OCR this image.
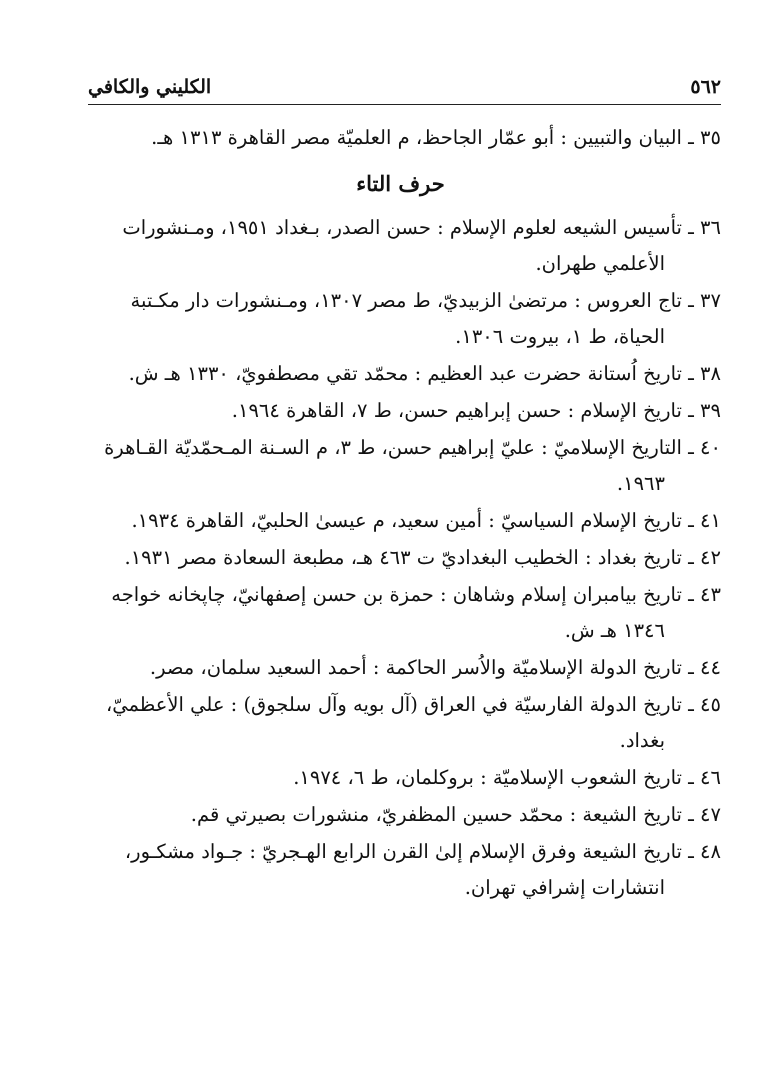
٥٦٢
الكليني والكافي
٣٥ ـ البيان والتبيين : أبو عمّار الجاحظ، م العلميّة مصر القاهرة ١٣١٣ هـ.
حرف التاء
٣٦ ـ تأسيس الشيعه لعلوم الإسلام : حسن الصدر، بـغداد ١٩٥١، ومـنشورات
الأعلمي طهران.
٣٧ ـ تاج العروس : مرتضىٰ الزبيديّ، ط مصر ١٣٠٧، ومـنشورات دار مكـتبة
الحياة، ط ١، بيروت ١٣٠٦.
٣٨ ـ تاريخ اُستانة حضرت عبد العظيم : محمّد تقي مصطفويّ، ١٣٣٠ هـ ش.
٣٩ ـ تاريخ الإسلام : حسن إبراهيم حسن، ط ٧، القاهرة ١٩٦٤.
٤٠ ـ التاريخ الإسلاميّ : عليّ إبراهيم حسن، ط ٣، م السـنة المـحمّديّة القـاهرة
١٩٦٣.
٤١ ـ تاريخ الإسلام السياسيّ : أمين سعيد، م عيسىٰ الحلبيّ، القاهرة ١٩٣٤.
٤٢ ـ تاريخ بغداد : الخطيب البغداديّ ت ٤٦٣ هـ، مطبعة السعادة مصر ١٩٣١.
٤٣ ـ تاريخ بيامبران إسلام وشاهان : حمزة بن حسن إصفهانيّ، چاپخانه خواجه
١٣٤٦ هـ ش.
٤٤ ـ تاريخ الدولة الإسلاميّة والاُسر الحاكمة : أحمد السعيد سلمان، مصر.
٤٥ ـ تاريخ الدولة الفارسيّة في العراق (آل بويه وآل سلجوق) : علي الأعظميّ،
بغداد.
٤٦ ـ تاريخ الشعوب الإسلاميّة : بروكلمان، ط ٦، ١٩٧٤.
٤٧ ـ تاريخ الشيعة : محمّد حسين المظفريّ، منشورات بصيرتي قم.
٤٨ ـ تاريخ الشيعة وفرق الإسلام إلىٰ القرن الرابع الهـجريّ : جـواد مشكـور،
انتشارات إشرافي تهران.
